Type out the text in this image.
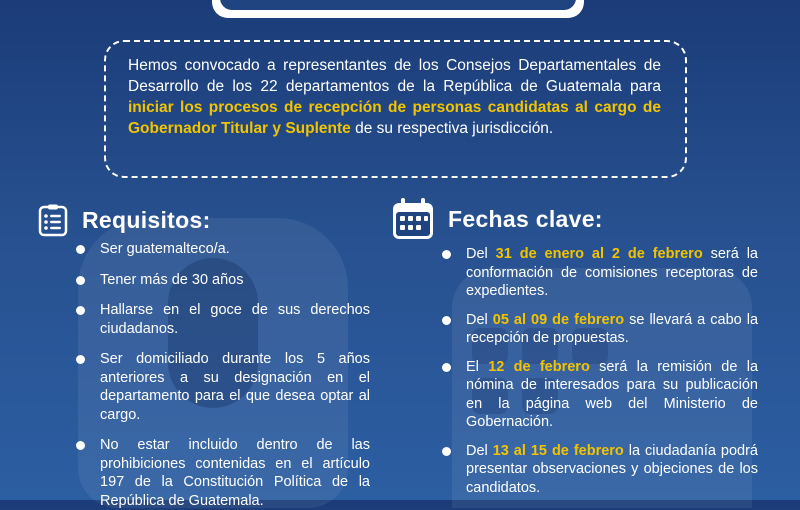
Hemos convocado a representantes de los Consejos Departamentales de Desarrollo de los 22 departamentos de la República de Guatemala para iniciar los procesos de recepción de personas candidatas al cargo de Gobernador Titular y Suplente de su respectiva jurisdicción.
Requisitos:
Ser guatemalteco/a.
Tener más de 30 años
Hallarse en el goce de sus derechos ciudadanos.
Ser domiciliado durante los 5 años anteriores a su designación en el departamento para el que desea optar al cargo.
No estar incluido dentro de las prohibiciones contenidas en el artículo 197 de la Constitución Política de la República de Guatemala.
Fechas clave:
Del 31 de enero al 2 de febrero será la conformación de comisiones receptoras de expedientes.
Del 05 al 09 de febrero se llevará a cabo la recepción de propuestas.
El 12 de febrero será la remisión de la nómina de interesados para su publicación en la página web del Ministerio de Gobernación.
Del 13 al 15 de febrero la ciudadanía podrá presentar observaciones y objeciones de los candidatos.
